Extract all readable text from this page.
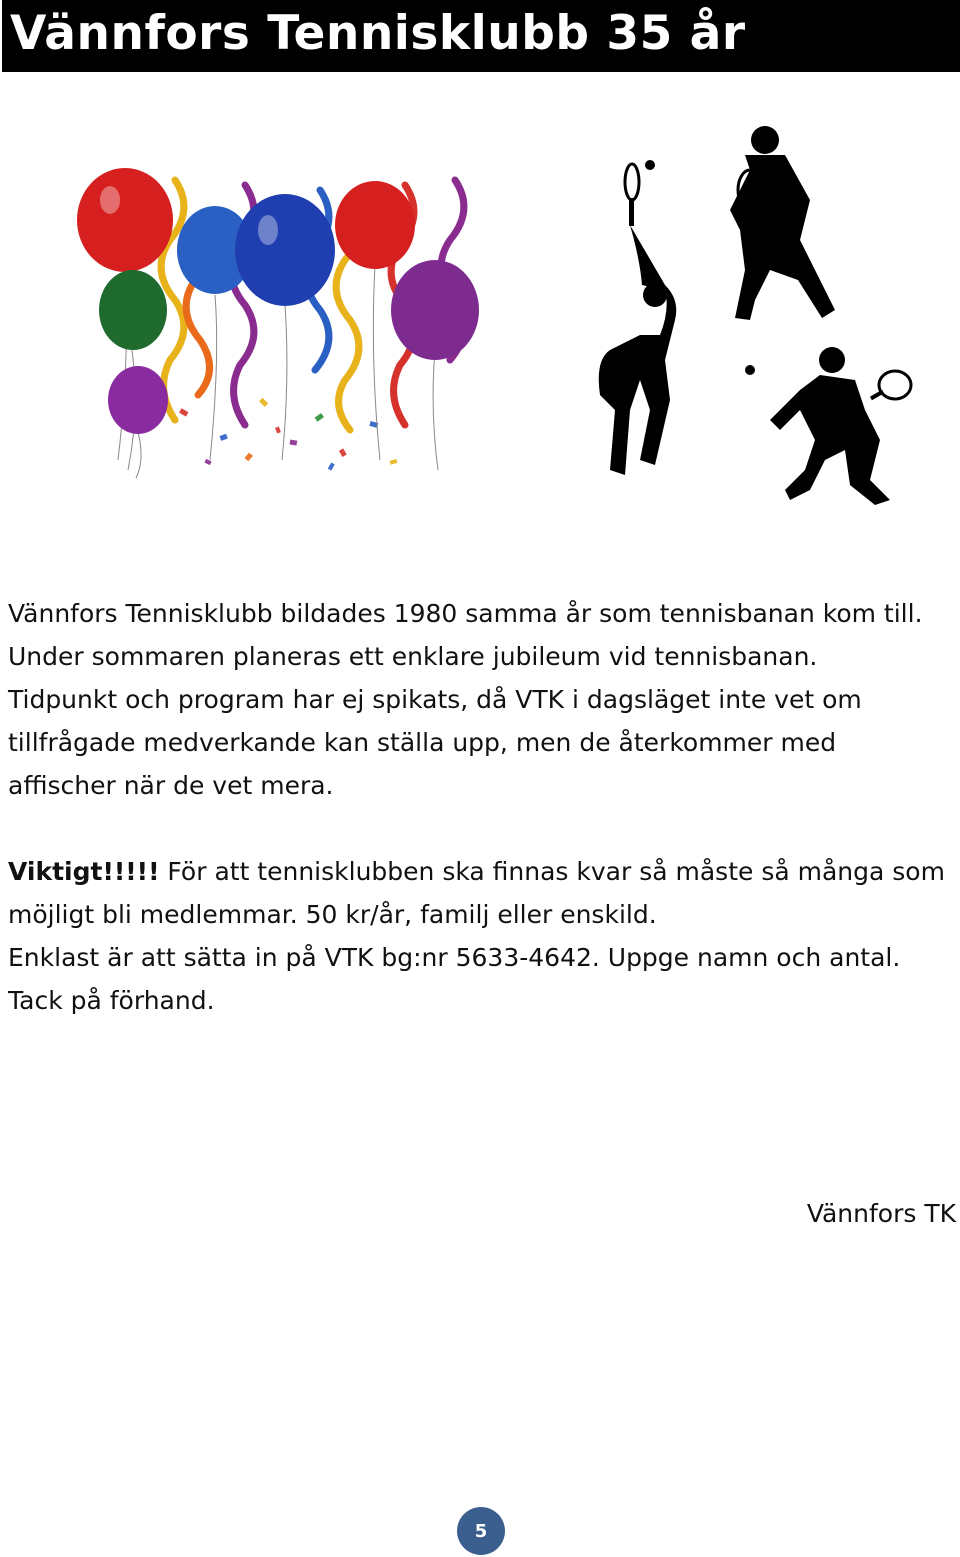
Vännfors Tennisklubb 35 år

Vännfors Tennisklubb bildades 1980 samma år som tennisbanan kom till.

Under sommaren planeras ett enklare jubileum vid tennisbanan.

Tidpunkt och program har ej spikats, då VTK i dagsläget inte vet om tillfrågade medverkande kan ställa upp, men de återkommer med affischer när de vet mera.

Viktigt!!!!! För att tennisklubben ska finnas kvar så måste så många som möjligt bli medlemmar. 50 kr/år, familj eller enskild.

Enklast är att sätta in på VTK bg:nr 5633-4642. Uppge namn och antal. Tack på förhand.

Vännfors TK
5
